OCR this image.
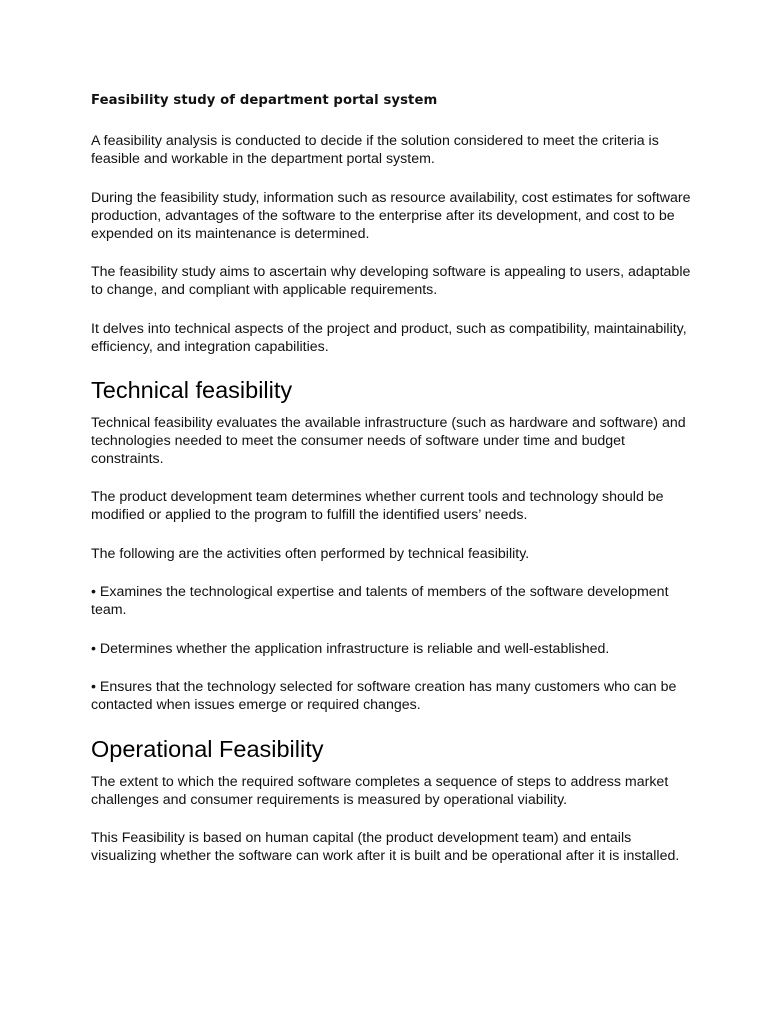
Feasibility study of department portal system

A feasibility analysis is conducted to decide if the solution considered to meet the criteria is feasible and workable in the department portal system.

During the feasibility study, information such as resource availability, cost estimates for software production, advantages of the software to the enterprise after its development, and cost to be expended on its maintenance is determined.

The feasibility study aims to ascertain why developing software is appealing to users, adaptable to change, and compliant with applicable requirements.

It delves into technical aspects of the project and product, such as compatibility, maintainability, efficiency, and integration capabilities.

Technical feasibility

Technical feasibility evaluates the available infrastructure (such as hardware and software) and technologies needed to meet the consumer needs of software under time and budget constraints.

The product development team determines whether current tools and technology should be modified or applied to the program to fulfill the identified users’ needs.

The following are the activities often performed by technical feasibility.

• Examines the technological expertise and talents of members of the software development team.

• Determines whether the application infrastructure is reliable and well-established.

• Ensures that the technology selected for software creation has many customers who can be contacted when issues emerge or required changes.

Operational Feasibility

The extent to which the required software completes a sequence of steps to address market challenges and consumer requirements is measured by operational viability.

This Feasibility is based on human capital (the product development team) and entails visualizing whether the software can work after it is built and be operational after it is installed.
